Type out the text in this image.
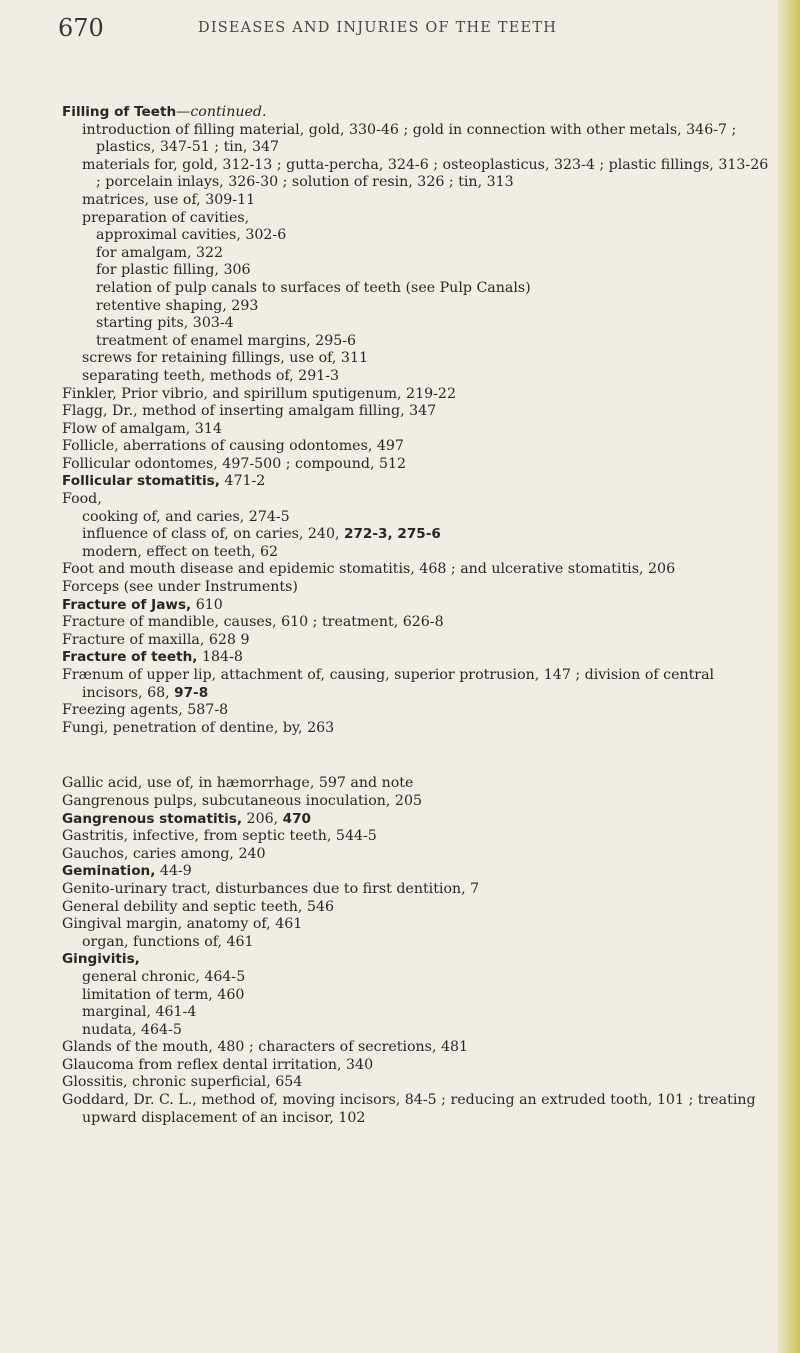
670	DISEASES AND INJURIES OF THE TEETH
Filling of Teeth—continued.
introduction of filling material, gold, 330-46 ; gold in connection with other metals, 346-7 ; plastics, 347-51 ; tin, 347
materials for, gold, 312-13 ; gutta-percha, 324-6 ; osteoplasticus, 323-4 ; plastic fillings, 313-26 ; porcelain inlays, 326-30 ; solution of resin, 326 ; tin, 313
matrices, use of, 309-11
preparation of cavities,
approximal cavities, 302-6
for amalgam, 322
for plastic filling, 306
relation of pulp canals to surfaces of teeth (see Pulp Canals)
retentive shaping, 293
starting pits, 303-4
treatment of enamel margins, 295-6
screws for retaining fillings, use of, 311
separating teeth, methods of, 291-3
Finkler, Prior vibrio, and spirillum sputigenum, 219-22
Flagg, Dr., method of inserting amalgam filling, 347
Flow of amalgam, 314
Follicle, aberrations of causing odontomes, 497
Follicular odontomes, 497-500 ; compound, 512
Follicular stomatitis, 471-2
Food,
cooking of, and caries, 274-5
influence of class of, on caries, 240, 272-3, 275-6
modern, effect on teeth, 62
Foot and mouth disease and epidemic stomatitis, 468 ; and ulcerative stomatitis, 206
Forceps (see under Instruments)
Fracture of Jaws, 610
Fracture of mandible, causes, 610 ; treatment, 626-8
Fracture of maxilla, 628 9
Fracture of teeth, 184-8
Frænum of upper lip, attachment of, causing, superior protrusion, 147 ; division of central incisors, 68, 97-8
Freezing agents, 587-8
Fungi, penetration of dentine, by, 263
Gallic acid, use of, in hæmorrhage, 597 and note
Gangrenous pulps, subcutaneous inoculation, 205
Gangrenous stomatitis, 206, 470
Gastritis, infective, from septic teeth, 544-5
Gauchos, caries among, 240
Gemination, 44-9
Genito-urinary tract, disturbances due to first dentition, 7
General debility and septic teeth, 546
Gingival margin, anatomy of, 461
organ, functions of, 461
Gingivitis,
general chronic, 464-5
limitation of term, 460
marginal, 461-4
nudata, 464-5
Glands of the mouth, 480 ; characters of secretions, 481
Glaucoma from reflex dental irritation, 340
Glossitis, chronic superficial, 654
Goddard, Dr. C. L., method of, moving incisors, 84-5 ; reducing an extruded tooth, 101 ; treating upward displacement of an incisor, 102
